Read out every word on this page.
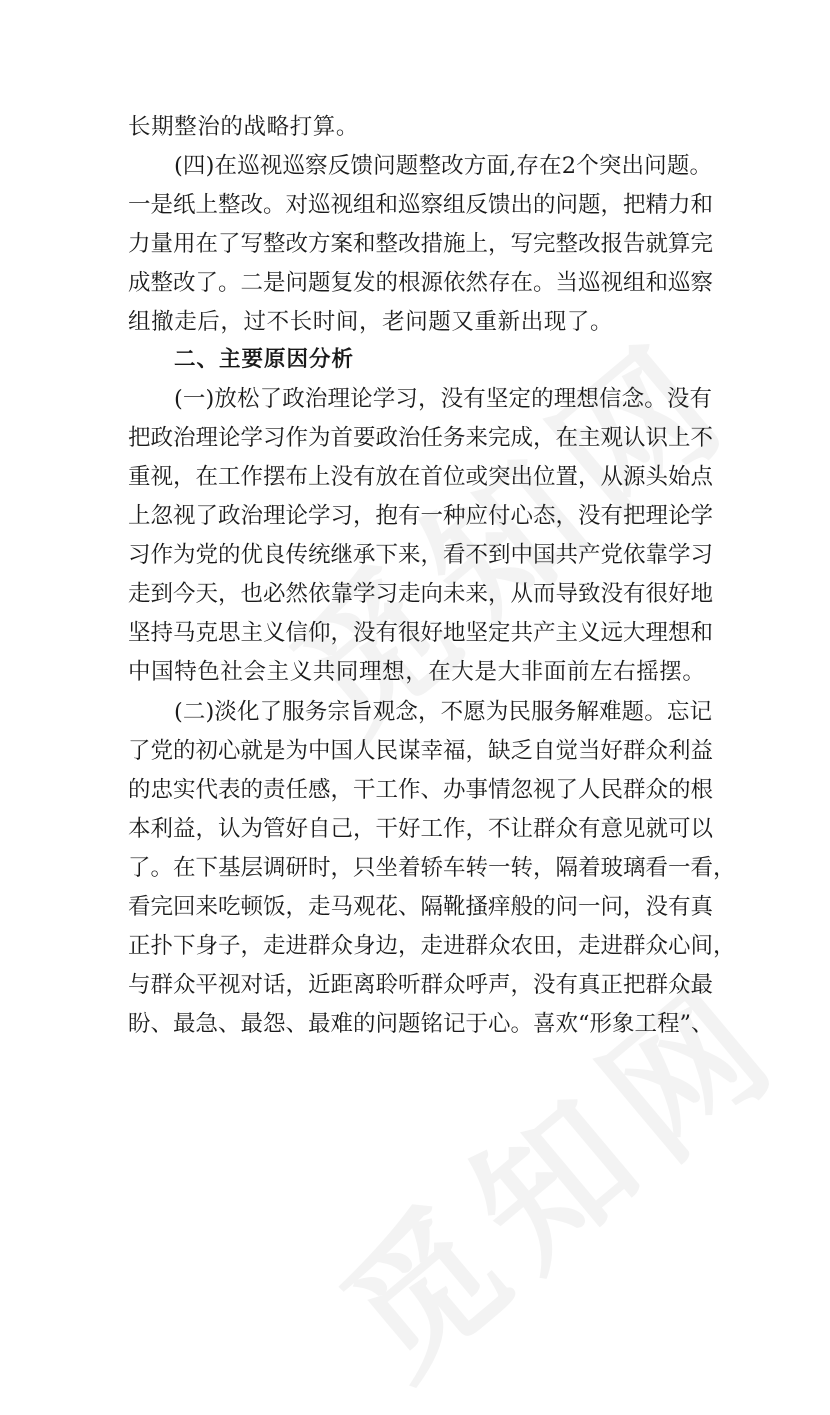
长期整治的战略打算。
(四)在巡视巡察反馈问题整改方面,存在2个突出问题。
一是纸上整改。对巡视组和巡察组反馈出的问题，把精力和
力量用在了写整改方案和整改措施上，写完整改报告就算完
成整改了。二是问题复发的根源依然存在。当巡视组和巡察
组撤走后，过不长时间，老问题又重新出现了。
二、主要原因分析
(一)放松了政治理论学习，没有坚定的理想信念。没有
把政治理论学习作为首要政治任务来完成，在主观认识上不
重视，在工作摆布上没有放在首位或突出位置，从源头始点
上忽视了政治理论学习，抱有一种应付心态，没有把理论学
习作为党的优良传统继承下来，看不到中国共产党依靠学习
走到今天，也必然依靠学习走向未来，从而导致没有很好地
坚持马克思主义信仰，没有很好地坚定共产主义远大理想和
中国特色社会主义共同理想，在大是大非面前左右摇摆。
(二)淡化了服务宗旨观念，不愿为民服务解难题。忘记
了党的初心就是为中国人民谋幸福，缺乏自觉当好群众利益
的忠实代表的责任感，干工作、办事情忽视了人民群众的根
本利益，认为管好自己，干好工作，不让群众有意见就可以
了。在下基层调研时，只坐着轿车转一转，隔着玻璃看一看，
看完回来吃顿饭，走马观花、隔靴搔痒般的问一问，没有真
正扑下身子，走进群众身边，走进群众农田，走进群众心间，
与群众平视对话，近距离聆听群众呼声，没有真正把群众最
盼、最急、最怨、最难的问题铭记于心。喜欢“形象工程”、
